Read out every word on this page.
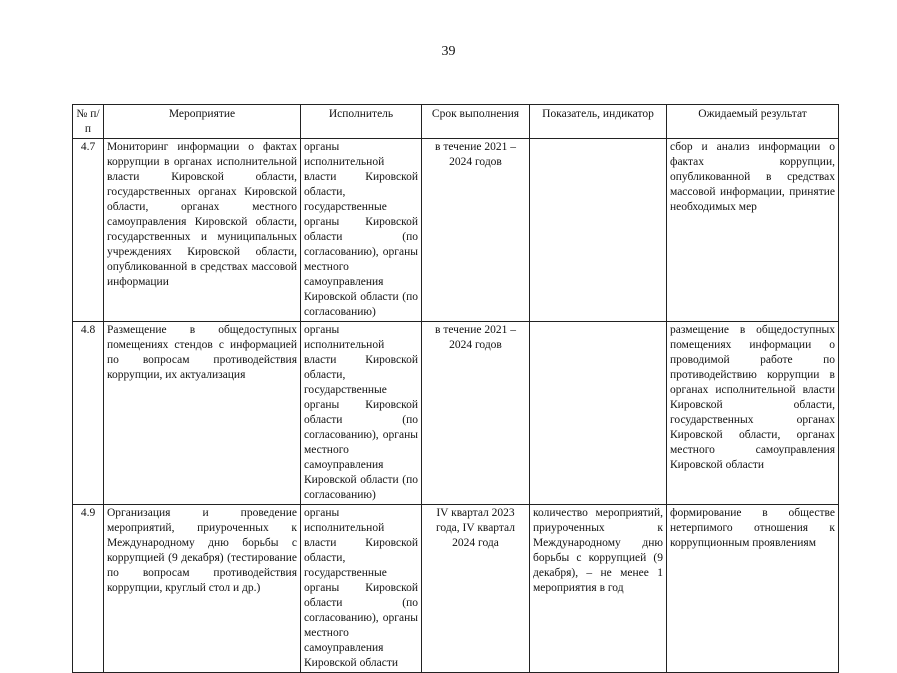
39
№ п/п	Мероприятие	Исполнитель	Срок выполнения	Показатель, индикатор	Ожидаемый результат
4.7	Мониторинг информации о фактах коррупции в органах исполнительной власти Кировской области, государственных органах Кировской области, органах местного самоуправления Кировской области, государственных и муниципальных учреждениях Кировской области, опубликованной в средствах массовой информации	органы исполнительной власти Кировской области, государственные органы Кировской области (по согласованию), органы местного самоуправления Кировской области (по согласованию)	в течение 2021 – 2024 годов		сбор и анализ информации о фактах коррупции, опубликованной в средствах массовой информации, принятие необходимых мер
4.8	Размещение в общедоступных помещениях стендов с информацией по вопросам противодействия коррупции, их актуализация	органы исполнительной власти Кировской области, государственные органы Кировской области (по согласованию), органы местного самоуправления Кировской области (по согласованию)	в течение 2021 – 2024 годов		размещение в общедоступных помещениях информации о проводимой работе по противодействию коррупции в органах исполнительной власти Кировской области, государственных органах Кировской области, органах местного самоуправления Кировской области
4.9	Организация и проведение мероприятий, приуроченных к Международному дню борьбы с коррупцией (9 декабря) (тестирование по вопросам противодействия коррупции, круглый стол и др.)	органы исполнительной власти Кировской области, государственные органы Кировской области (по согласованию), органы местного самоуправления Кировской области	IV квартал 2023 года, IV квартал 2024 года	количество мероприятий, приуроченных к Международному дню борьбы с коррупцией (9 декабря), – не менее 1 мероприятия в год	формирование в обществе нетерпимого отношения к коррупционным проявлениям
